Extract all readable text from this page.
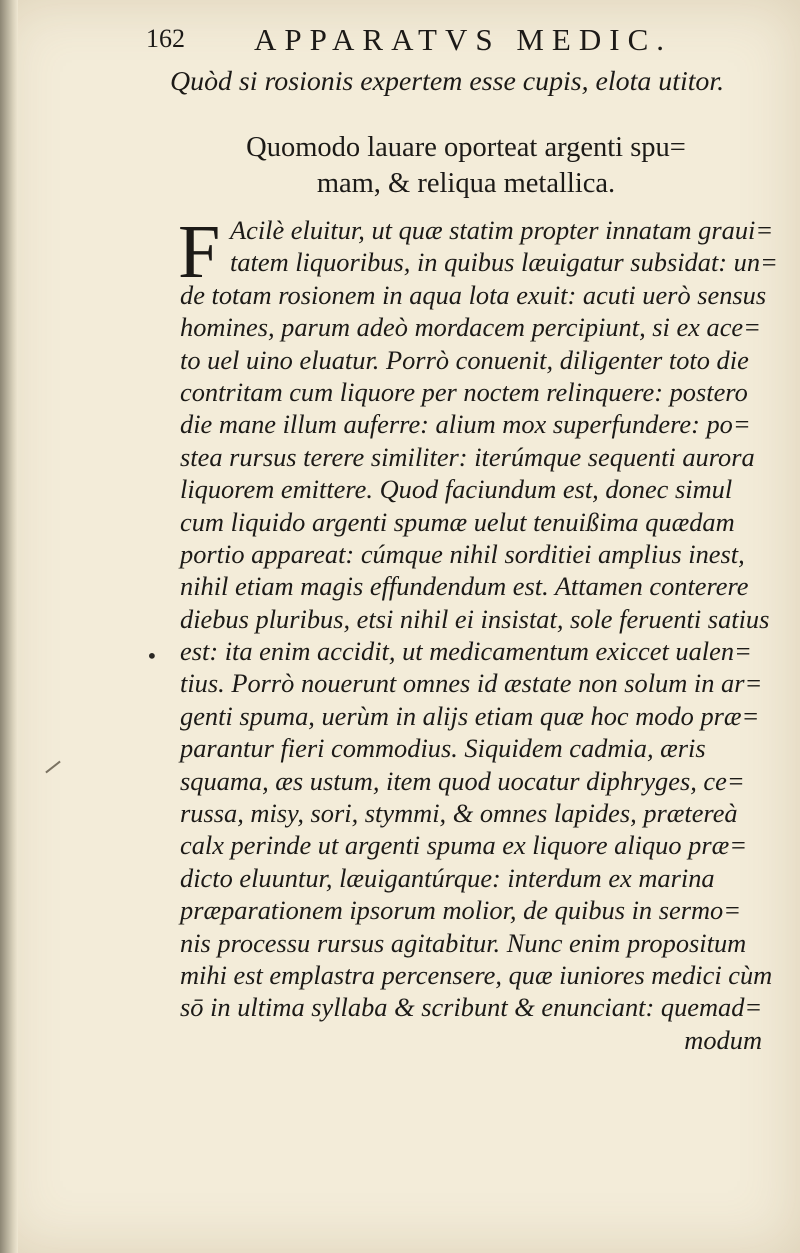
162 APPARATVS MEDIC.
Quòd si rosionis expertem esse cupis, elota utitor.
Quomodo lauare oporteat argenti spu=
mam, & reliqua metallica.
F Acilè eluitur, ut quæ statim propter innatam graui=
tatem liquoribus, in quibus læuigatur subsidat: un=
de totam rosionem in aqua lota exuit: acuti uerò sensus
homines, parum adeò mordacem percipiunt, si ex ace=
to uel uino eluatur. Porrò conuenit, diligenter toto die
contritam cum liquore per noctem relinquere: postero
die mane illum auferre: alium mox superfundere: po=
stea rursus terere similiter: iterúmque sequenti aurora
liquorem emittere. Quod faciundum est, donec simul
cum liquido argenti spumæ uelut tenuißima quædam
portio appareat: cúmque nihil sorditiei amplius inest,
nihil etiam magis effundendum est. Attamen conterere
diebus pluribus, etsi nihil ei insistat, sole feruenti satius
est: ita enim accidit, ut medicamentum exiccet ualen=
tius. Porrò nouerunt omnes id æstate non solum in ar=
genti spuma, uerùm in alijs etiam quæ hoc modo præ=
parantur fieri commodius. Siquidem cadmia, æris
squama, æs ustum, item quod uocatur diphryges, ce=
russa, misy, sori, stymmi, & omnes lapides, prætereà
calx perinde ut argenti spuma ex liquore aliquo præ=
dicto eluuntur, læuigantúrque: interdum ex marina
præparationem ipsorum molior, de quibus in sermo=
nis processu rursus agitabitur. Nunc enim propositum
mihi est emplastra percensere, quæ iuniores medici cùm
sō in ultima syllaba & scribunt & enunciant: quemad=
modum
•
